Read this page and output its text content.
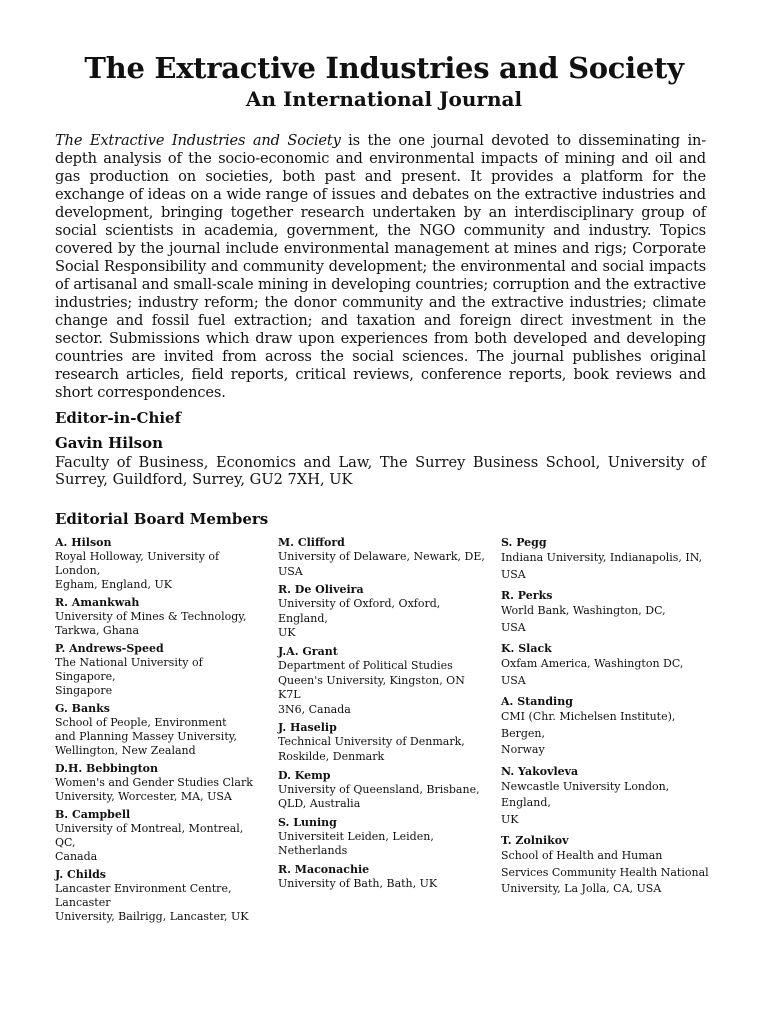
The Extractive Industries and Society
An International Journal
The Extractive Industries and Society is the one journal devoted to disseminating in-depth analysis of the socio-economic and environmental impacts of mining and oil and gas production on societies, both past and present. It provides a platform for the exchange of ideas on a wide range of issues and debates on the extractive industries and development, bringing together research undertaken by an interdisciplinary group of social scientists in academia, government, the NGO community and industry. Topics covered by the journal include environmental management at mines and rigs; Corporate Social Responsibility and community development; the environmental and social impacts of artisanal and small-scale mining in developing countries; corruption and the extractive industries; industry reform; the donor community and the extractive industries; climate change and fossil fuel extraction; and taxation and foreign direct investment in the sector. Submissions which draw upon experiences from both developed and developing countries are invited from across the social sciences. The journal publishes original research articles, field reports, critical reviews, conference reports, book reviews and short correspondences.
Editor-in-Chief
Gavin Hilson
Faculty of Business, Economics and Law, The Surrey Business School, University of Surrey, Guildford, Surrey, GU2 7XH, UK
Editorial Board Members
A. Hilson
Royal Holloway, University of London,
Egham, England, UK
R. Amankwah
University of Mines & Technology,
Tarkwa, Ghana
P. Andrews-Speed
The National University of Singapore,
Singapore
G. Banks
School of People, Environment
and Planning Massey University,
Wellington, New Zealand
D.H. Bebbington
Women's and Gender Studies Clark
University, Worcester, MA, USA
B. Campbell
University of Montreal, Montreal, QC,
Canada
J. Childs
Lancaster Environment Centre, Lancaster
University, Bailrigg, Lancaster, UK
M. Clifford
University of Delaware, Newark, DE,
USA
R. De Oliveira
University of Oxford, Oxford, England,
UK
J.A. Grant
Department of Political Studies
Queen's University, Kingston, ON K7L
3N6, Canada
J. Haselip
Technical University of Denmark,
Roskilde, Denmark
D. Kemp
University of Queensland, Brisbane,
QLD, Australia
S. Luning
Universiteit Leiden, Leiden,
Netherlands
R. Maconachie
University of Bath, Bath, UK
S. Pegg
Indiana University, Indianapolis, IN,
USA
R. Perks
World Bank, Washington, DC,
USA
K. Slack
Oxfam America, Washington DC,
USA
A. Standing
CMI (Chr. Michelsen Institute), Bergen,
Norway
N. Yakovleva
Newcastle University London, England,
UK
T. Zolnikov
School of Health and Human
Services Community Health National
University, La Jolla, CA, USA
